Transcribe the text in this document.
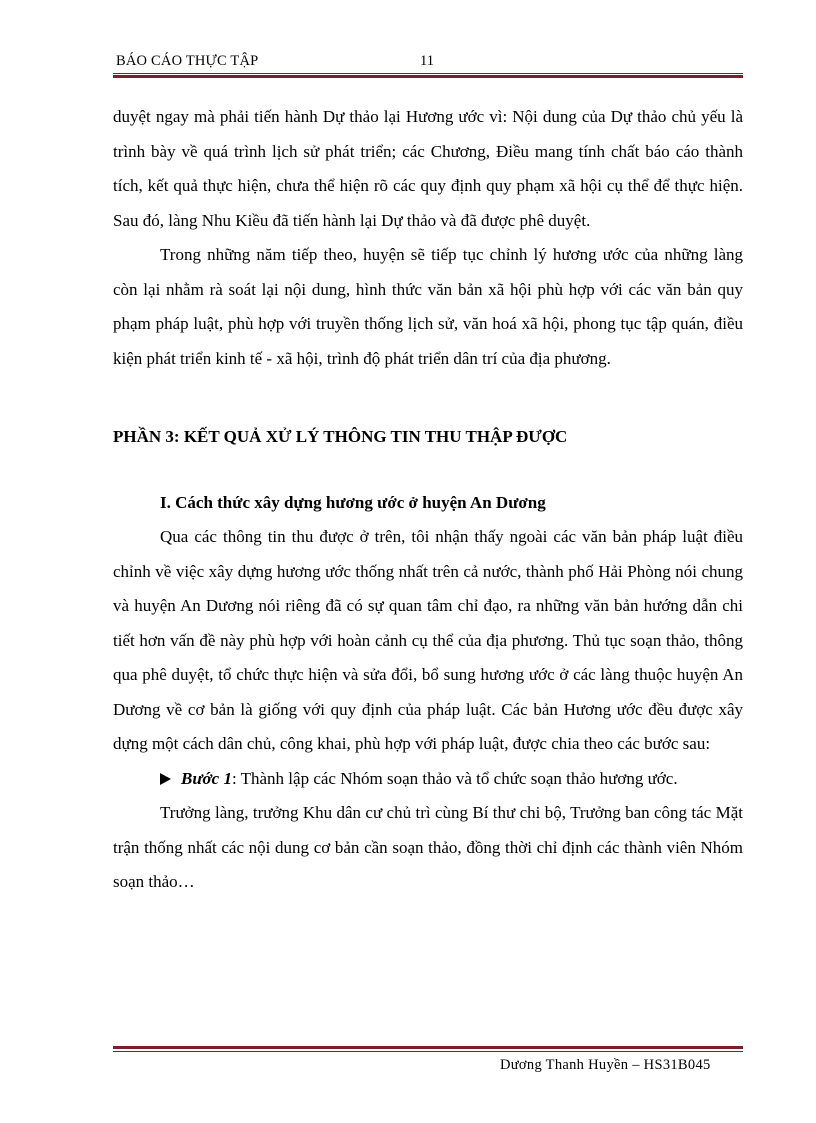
BÁO CÁO THỰC TẬP	11

duyệt ngay mà phải tiến hành Dự thảo lại Hương ước vì: Nội dung của Dự thảo chủ yếu là trình bày về quá trình lịch sử phát triển; các Chương, Điều mang tính chất báo cáo thành tích, kết quả thực hiện, chưa thể hiện rõ các quy định quy phạm xã hội cụ thể để thực hiện. Sau đó, làng Nhu Kiều đã tiến hành lại Dự thảo và đã được phê duyệt.

Trong những năm tiếp theo, huyện sẽ tiếp tục chỉnh lý hương ước của những làng còn lại nhằm rà soát lại nội dung, hình thức văn bản xã hội phù hợp với các văn bản quy phạm pháp luật, phù hợp với truyền thống lịch sử, văn hoá xã hội, phong tục tập quán, điều kiện phát triển kinh tế - xã hội, trình độ phát triển dân trí của địa phương.

PHẦN 3: KẾT QUẢ XỬ LÝ THÔNG TIN THU THẬP ĐƯỢC
I. Cách thức xây dựng hương ước ở huyện An Dương

Qua các thông tin thu được ở trên, tôi nhận thấy ngoài các văn bản pháp luật điều chỉnh về việc xây dựng hương ước thống nhất trên cả nước, thành phố Hải Phòng nói chung và huyện An Dương nói riêng đã có sự quan tâm chỉ đạo, ra những văn bản hướng dẫn chi tiết hơn vấn đề này phù hợp với hoàn cảnh cụ thể của địa phương. Thủ tục soạn thảo, thông qua phê duyệt, tổ chức thực hiện và sửa đổi, bổ sung hương ước ở các làng thuộc huyện An Dương về cơ bản là giống với quy định của pháp luật. Các bản Hương ước đều được xây dựng một cách dân chủ, công khai, phù hợp với pháp luật, được chia theo các bước sau:

Bước 1: Thành lập các Nhóm soạn thảo và tổ chức soạn thảo hương ước.

Trưởng làng, trưởng Khu dân cư chủ trì cùng Bí thư chi bộ, Trưởng ban công tác Mặt trận thống nhất các nội dung cơ bản cần soạn thảo, đồng thời chỉ định các thành viên Nhóm soạn thảo…

Dương Thanh Huyền – HS31B045
